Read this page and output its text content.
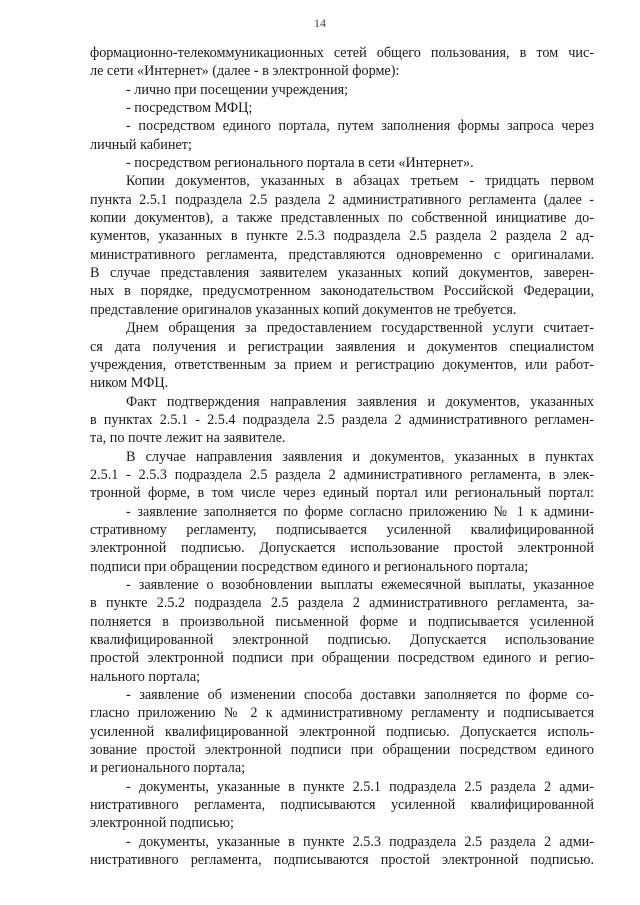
14
формационно-телекоммуникационных сетей общего пользования, в том чис-
ле сети «Интернет» (далее - в электронной форме):
- лично при посещении учреждения;
- посредством МФЦ;
- посредством единого портала, путем заполнения формы запроса через
личный кабинет;
- посредством регионального портала в сети «Интернет».
Копии документов, указанных в абзацах третьем - тридцать первом
пункта 2.5.1 подраздела 2.5 раздела 2 административного регламента (далее -
копии документов), а также представленных по собственной инициативе до-
кументов, указанных в пункте 2.5.3 подраздела 2.5 раздела 2 раздела 2 ад-
министративного регламента, представляются одновременно с оригиналами.
В случае представления заявителем указанных копий документов, заверен-
ных в порядке, предусмотренном законодательством Российской Федерации,
представление оригиналов указанных копий документов не требуется.
Днем обращения за предоставлением государственной услуги считает-
ся дата получения и регистрации заявления и документов специалистом
учреждения, ответственным за прием и регистрацию документов, или работ-
ником МФЦ.
Факт подтверждения направления заявления и документов, указанных
в пунктах 2.5.1 - 2.5.4 подраздела 2.5 раздела 2 административного регламен-
та, по почте лежит на заявителе.
В случае направления заявления и документов, указанных в пунктах
2.5.1 - 2.5.3 подраздела 2.5 раздела 2 административного регламента, в элек-
тронной форме, в том числе через единый портал или региональный портал:
- заявление заполняется по форме согласно приложению № 1 к админи-
стративному регламенту, подписывается усиленной квалифицированной
электронной подписью. Допускается использование простой электронной
подписи при обращении посредством единого и регионального портала;
- заявление о возобновлении выплаты ежемесячной выплаты, указанное
в пункте 2.5.2 подраздела 2.5 раздела 2 административного регламента, за-
полняется в произвольной письменной форме и подписывается усиленной
квалифицированной электронной подписью. Допускается использование
простой электронной подписи при обращении посредством единого и регио-
нального портала;
- заявление об изменении способа доставки заполняется по форме со-
гласно приложению № 2 к административному регламенту и подписывается
усиленной квалифицированной электронной подписью. Допускается исполь-
зование простой электронной подписи при обращении посредством единого
и регионального портала;
- документы, указанные в пункте 2.5.1 подраздела 2.5 раздела 2 адми-
нистративного регламента, подписываются усиленной квалифицированной
электронной подписью;
- документы, указанные в пункте 2.5.3 подраздела 2.5 раздела 2 адми-
нистративного регламента, подписываются простой электронной подписью.
